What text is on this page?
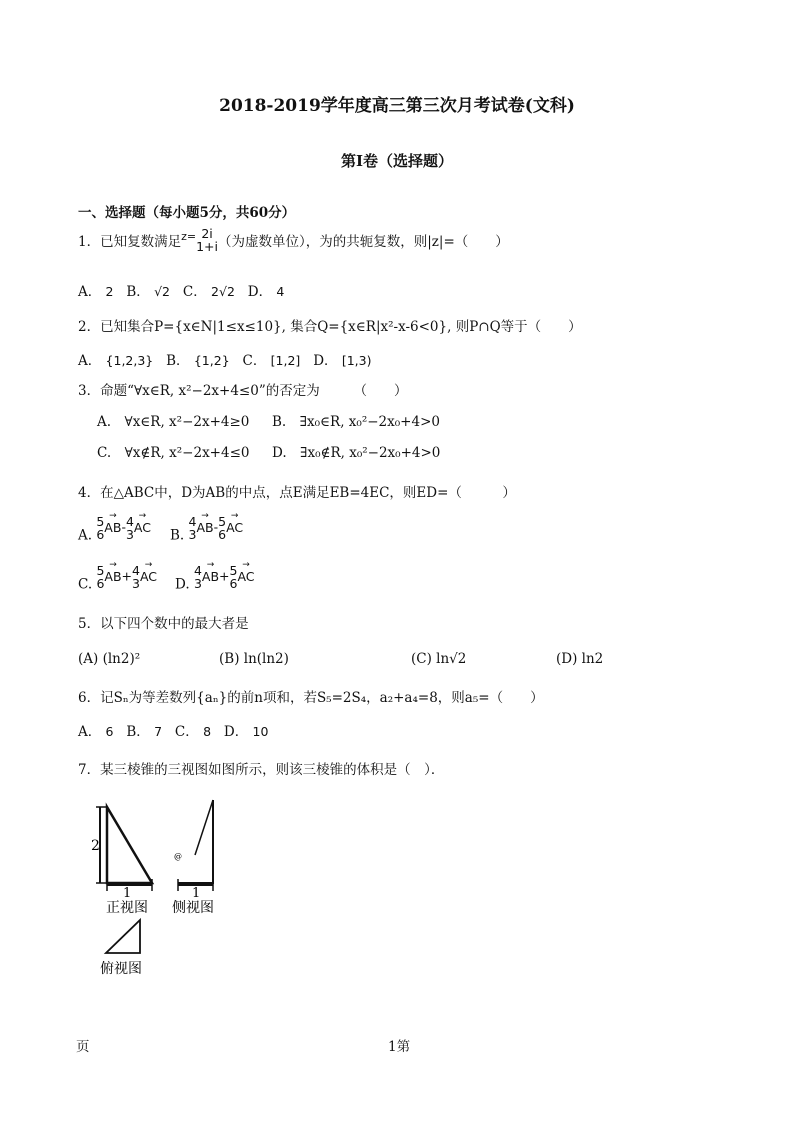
2018-2019学年度高三第三次月考试卷(文科)
第Ⅰ卷（选择题）
一、选择题（每小题5分，共60分）
1．已知复数满足$^{z=}$ 2i
1+i （为虚数单位），为的共轭复数，则|z|=（　　）
A． 2 B． √2 C． 2√2 D． 4
2．已知集合P={x∈N|1≤x≤10}, 集合Q={x∈R|x²-x-6<0}, 则P∩Q等于（　　）
A． {1,2,3} B． {1,2} C． [1,2] D． [1,3)
3．命题“∀x∈R, x²−2x+4≤0”的否定为　　　（　　）
A.　∀x∈R, x²−2x+4≥0 B.　∃x₀∈R, x₀²−2x₀+4>0
C.　∀x∉R, x²−2x+4≤0 D.　∃x₀∉R, x₀²−2x₀+4>0
4．在△ABC中，D为AB的中点，点E满足EB=4EC，则ED=（　　　）
A.
5
6 → AB- 4
3 → AC
B.
4
3 → AB- 5
6 → AC
C.
5
6 → AB+ 4
3 → AC
D.
4
3 → AB+ 5
6 → AC
5．以下四个数中的最大者是
(A) (ln2)²	(B) ln(ln2)	(C) ln√2	(D) ln2
6．记Sₙ为等差数列{aₙ}的前n项和，若S₅=2S₄，a₂+a₄=8，则a₅=（　　）
A． 6 B． 7 C． 8 D． 10
7．某三棱锥的三视图如图所示，则该三棱锥的体积是（　）．
2
1
正视图
@
1
侧视图
俯视图
页	1第
